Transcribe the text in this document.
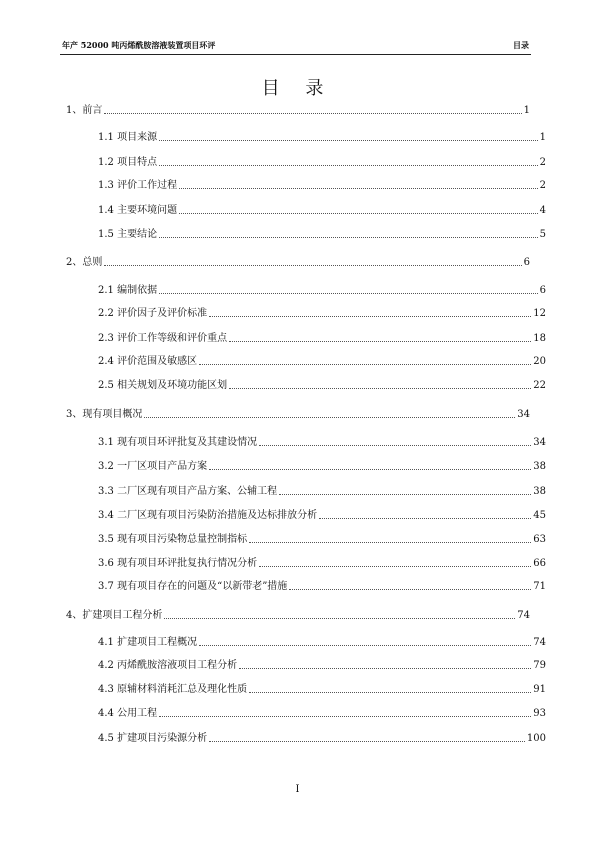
年产 52000 吨丙烯酰胺溶液装置项目环评	目录
目 录
1、前言	1
1.1 项目来源	1
1.2 项目特点	2
1.3 评价工作过程	2
1.4 主要环境问题	4
1.5 主要结论	5
2、总则	6
2.1 编制依据	6
2.2 评价因子及评价标准	12
2.3 评价工作等级和评价重点	18
2.4 评价范围及敏感区	20
2.5 相关规划及环境功能区划	22
3、现有项目概况	34
3.1 现有项目环评批复及其建设情况	34
3.2 一厂区项目产品方案	38
3.3 二厂区现有项目产品方案、公辅工程	38
3.4 二厂区现有项目污染防治措施及达标排放分析	45
3.5 现有项目污染物总量控制指标	63
3.6 现有项目环评批复执行情况分析	66
3.7 现有项目存在的问题及“以新带老”措施	71
4、扩建项目工程分析	74
4.1 扩建项目工程概况	74
4.2 丙烯酰胺溶液项目工程分析	79
4.3 原辅材料消耗汇总及理化性质	91
4.4 公用工程	93
4.5 扩建项目污染源分析	100
I
